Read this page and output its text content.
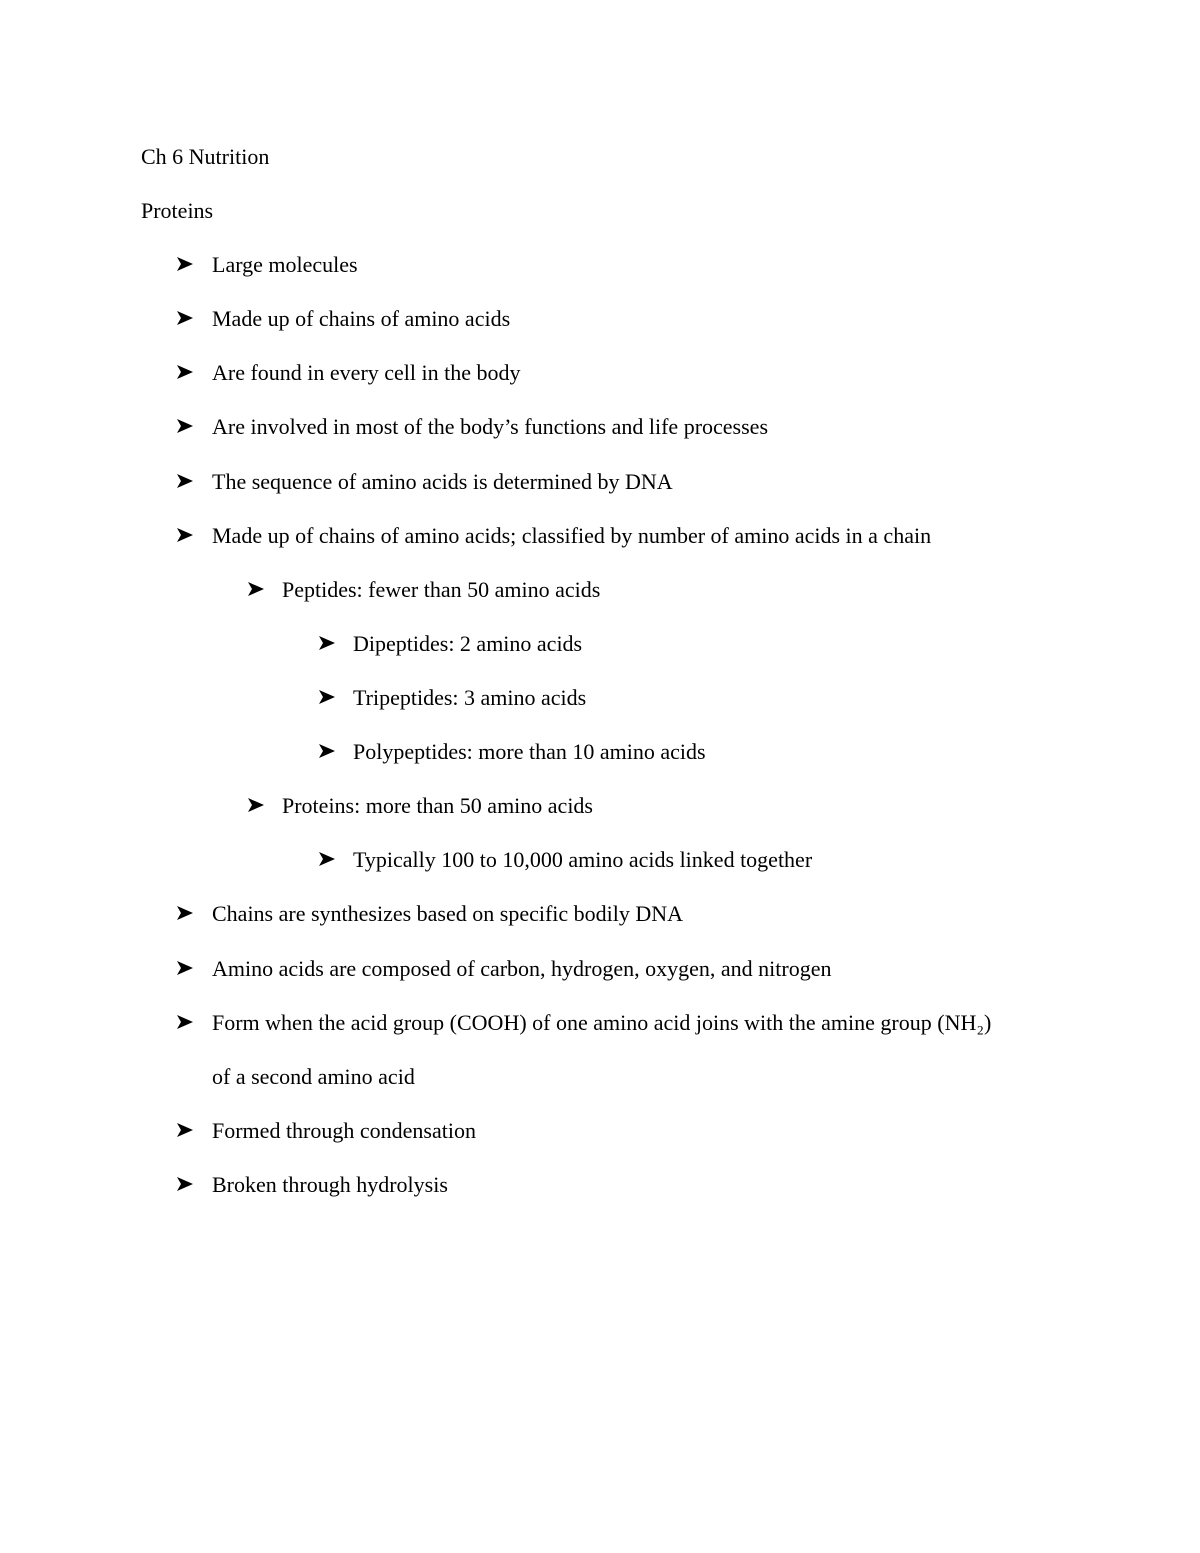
Ch 6 Nutrition
Proteins
Large molecules
Made up of chains of amino acids
Are found in every cell in the body
Are involved in most of the body’s functions and life processes
The sequence of amino acids is determined by DNA
Made up of chains of amino acids; classified by number of amino acids in a chain
Peptides: fewer than 50 amino acids
Dipeptides: 2 amino acids
Tripeptides: 3 amino acids
Polypeptides: more than 10 amino acids
Proteins: more than 50 amino acids
Typically 100 to 10,000 amino acids linked together
Chains are synthesizes based on specific bodily DNA
Amino acids are composed of carbon, hydrogen, oxygen, and nitrogen
Form when the acid group (COOH) of one amino acid joins with the amine group (NH₂)
of a second amino acid
Formed through condensation
Broken through hydrolysis
